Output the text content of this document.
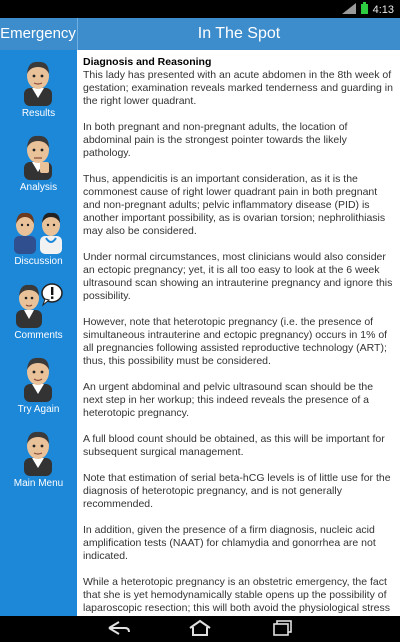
4:13
Emergency	In The Spot
Results
Analysis
Discussion
Comments
Try Again
Main Menu
Diagnosis and Reasoning

This lady has presented with an acute abdomen in the 8th week of gestation; examination reveals marked tenderness and guarding in the right lower quadrant.

In both pregnant and non-pregnant adults, the location of abdominal pain is the strongest pointer towards the likely pathology.

Thus, appendicitis is an important consideration, as it is the commonest cause of right lower quadrant pain in both pregnant and non-pregnant adults; pelvic inflammatory disease (PID) is another important possibility, as is ovarian torsion; nephrolithiasis may also be considered.

Under normal circumstances, most clinicians would also consider an ectopic pregnancy; yet, it is all too easy to look at the 6 week ultrasound scan showing an intrauterine pregnancy and ignore this possibility.

However, note that heterotopic pregnancy (i.e. the presence of simultaneous intrauterine and ectopic pregnancy) occurs in 1% of all pregnancies following assisted reproductive technology (ART); thus, this possibility must be considered.

An urgent abdominal and pelvic ultrasound scan should be the next step in her workup; this indeed reveals the presence of a heterotopic pregnancy.

A full blood count should be obtained, as this will be important for subsequent surgical management.

Note that estimation of serial beta-hCG levels is of little use for the diagnosis of heterotopic pregnancy, and is not generally recommended.

In addition, given the presence of a firm diagnosis, nucleic acid amplification tests (NAAT) for chlamydia and gonorrhea are not indicated.

While a heterotopic pregnancy is an obstetric emergency, the fact that she is yet hemodynamically stable opens up the possibility of laparoscopic resection; this will both avoid the physiological stress
